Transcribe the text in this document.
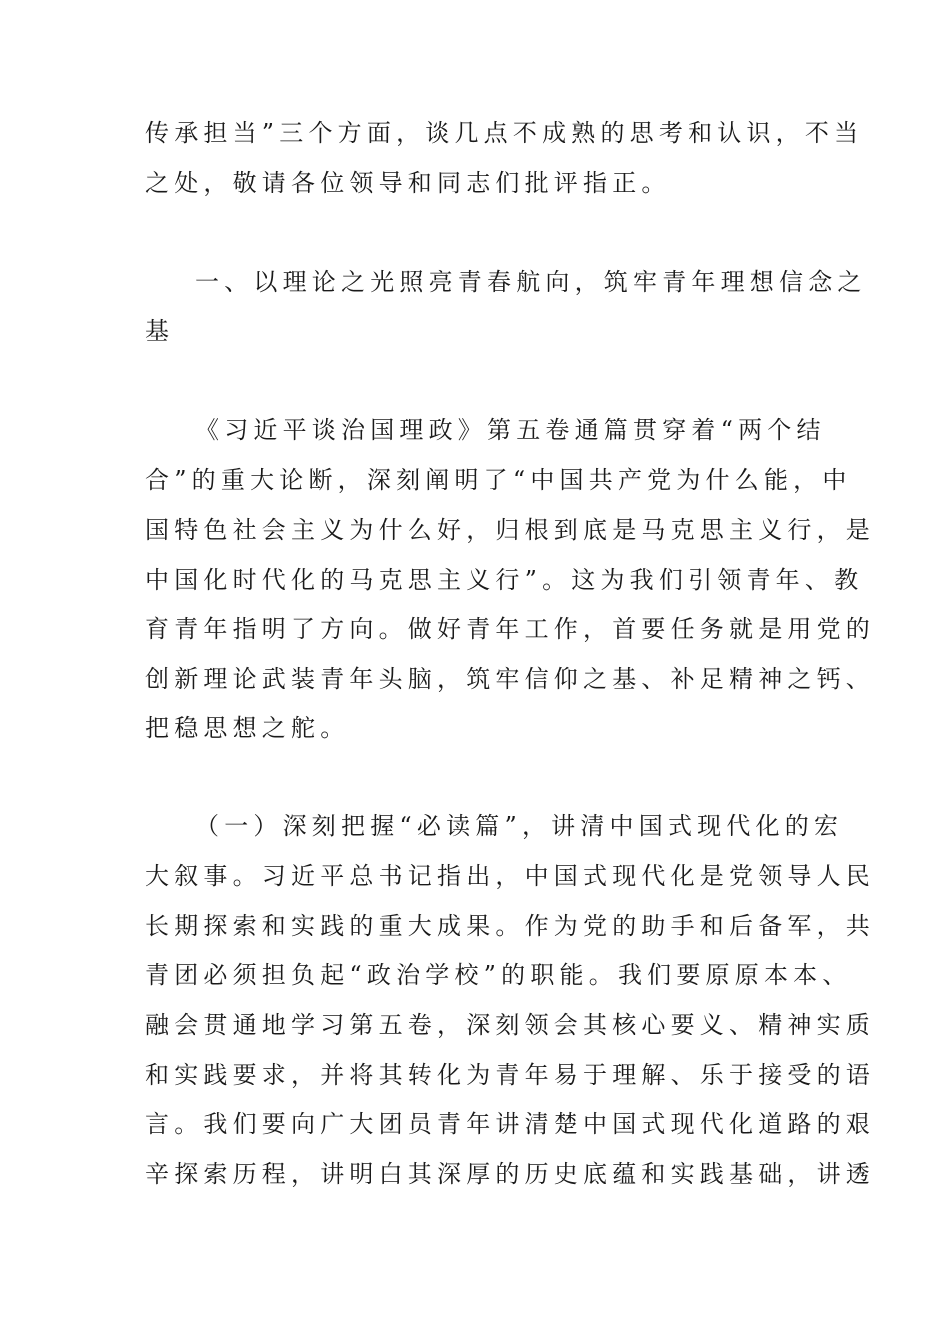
传承担当”三个方面，谈几点不成熟的思考和认识，不当
之处，敬请各位领导和同志们批评指正。
一、以理论之光照亮青春航向，筑牢青年理想信念之
基
《习近平谈治国理政》第五卷通篇贯穿着“两个结
合”的重大论断，深刻阐明了“中国共产党为什么能，中
国特色社会主义为什么好，归根到底是马克思主义行，是
中国化时代化的马克思主义行”。这为我们引领青年、教
育青年指明了方向。做好青年工作，首要任务就是用党的
创新理论武装青年头脑，筑牢信仰之基、补足精神之钙、
把稳思想之舵。
（一）深刻把握“必读篇”，讲清中国式现代化的宏
大叙事。习近平总书记指出，中国式现代化是党领导人民
长期探索和实践的重大成果。作为党的助手和后备军，共
青团必须担负起“政治学校”的职能。我们要原原本本、
融会贯通地学习第五卷，深刻领会其核心要义、精神实质
和实践要求，并将其转化为青年易于理解、乐于接受的语
言。我们要向广大团员青年讲清楚中国式现代化道路的艰
辛探索历程，讲明白其深厚的历史底蕴和实践基础，讲透
